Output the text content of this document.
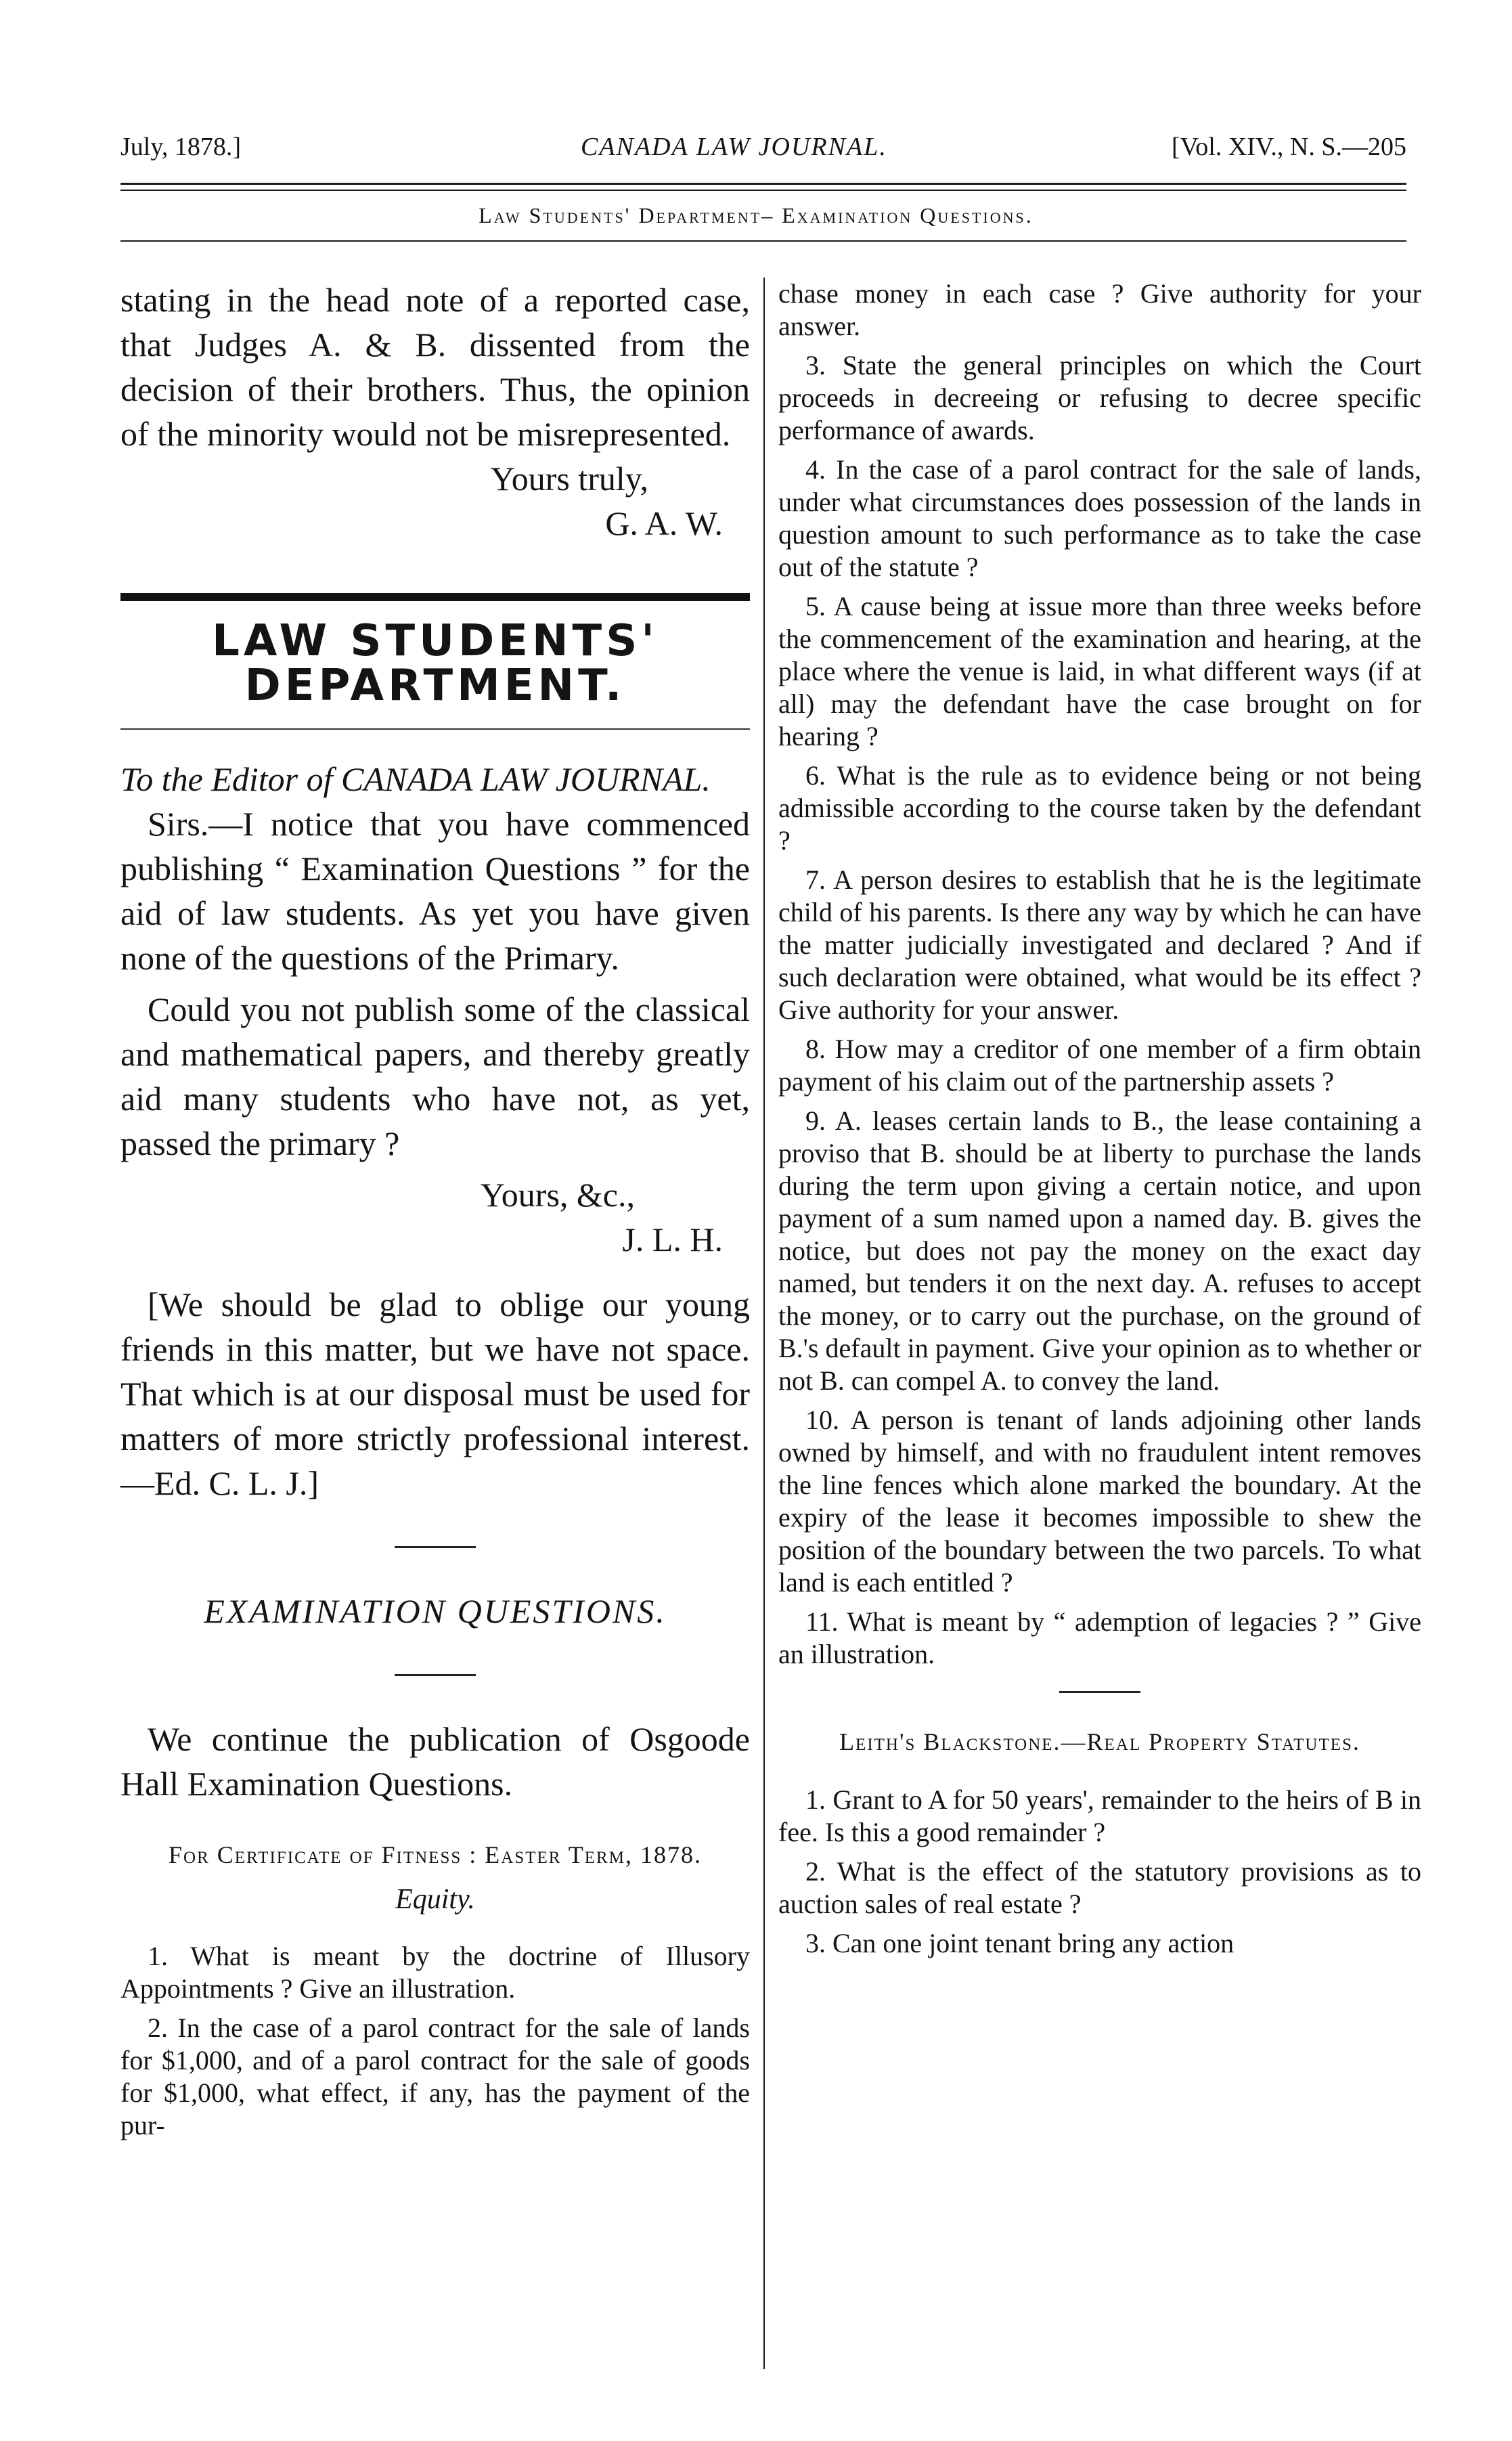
July, 1878.]	CANADA LAW JOURNAL.	[Vol. XIV., N. S.—205
Law Students' Department– Examination Questions.

stating in the head note of a reported case, that Judges A. & B. dissented from the decision of their brothers. Thus, the opinion of the minority would not be misrepresented.

Yours truly,

G. A. W.

LAW STUDENTS' DEPARTMENT.

To the Editor of CANADA LAW JOURNAL.

Sirs.—I notice that you have commenced publishing “ Examination Questions ” for the aid of law students. As yet you have given none of the questions of the Primary.

Could you not publish some of the classical and mathematical papers, and thereby greatly aid many students who have not, as yet, passed the primary ?

Yours, &c.,

J. L. H.

[We should be glad to oblige our young friends in this matter, but we have not space. That which is at our disposal must be used for matters of more strictly professional interest. —Ed. C. L. J.]

EXAMINATION QUESTIONS.

We continue the publication of Osgoode Hall Examination Questions.

For Certificate of Fitness : Easter Term, 1878.

Equity.

1. What is meant by the doctrine of Illusory Appointments ? Give an illustration.

2. In the case of a parol contract for the sale of lands for $1,000, and of a parol contract for the sale of goods for $1,000, what effect, if any, has the payment of the pur-

chase money in each case ? Give authority for your answer.

3. State the general principles on which the Court proceeds in decreeing or refusing to decree specific performance of awards.

4. In the case of a parol contract for the sale of lands, under what circumstances does possession of the lands in question amount to such performance as to take the case out of the statute ?

5. A cause being at issue more than three weeks before the commencement of the examination and hearing, at the place where the venue is laid, in what different ways (if at all) may the defendant have the case brought on for hearing ?

6. What is the rule as to evidence being or not being admissible according to the course taken by the defendant ?

7. A person desires to establish that he is the legitimate child of his parents. Is there any way by which he can have the matter judicially investigated and declared ? And if such declaration were obtained, what would be its effect ? Give authority for your answer.

8. How may a creditor of one member of a firm obtain payment of his claim out of the partnership assets ?

9. A. leases certain lands to B., the lease containing a proviso that B. should be at liberty to purchase the lands during the term upon giving a certain notice, and upon payment of a sum named upon a named day. B. gives the notice, but does not pay the money on the exact day named, but tenders it on the next day. A. refuses to accept the money, or to carry out the purchase, on the ground of B.'s default in payment. Give your opinion as to whether or not B. can compel A. to convey the land.

10. A person is tenant of lands adjoining other lands owned by himself, and with no fraudulent intent removes the line fences which alone marked the boundary. At the expiry of the lease it becomes impossible to shew the position of the boundary between the two parcels. To what land is each entitled ?

11. What is meant by “ ademption of legacies ? ” Give an illustration.

Leith's Blackstone.—Real Property Statutes.

1. Grant to A for 50 years', remainder to the heirs of B in fee. Is this a good remainder ?

2. What is the effect of the statutory provisions as to auction sales of real estate ?

3. Can one joint tenant bring any action
